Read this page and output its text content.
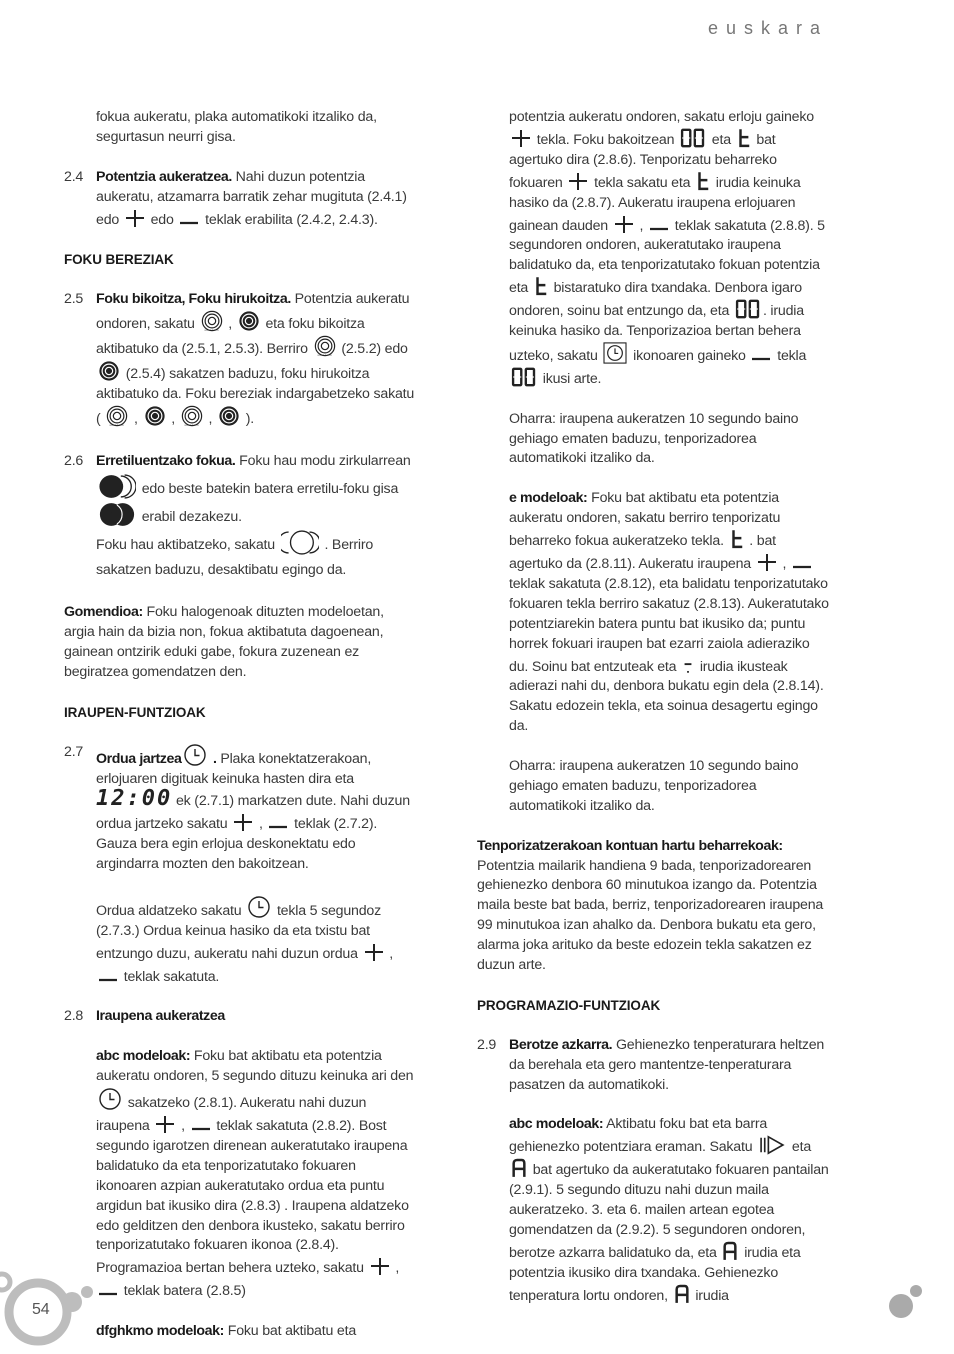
euskara

fokua aukeratu, plaka automatikoki itzaliko da, segurtasun neurri gisa.

2.4 Potentzia aukeratzea. Nahi duzun potentzia aukeratu, atzamarra barratik zehar mugituta (2.4.1) edo  edo  teklak erabilita (2.4.2, 2.4.3).

FOKU BEREZIAK

2.5 Foku bikoitza, Foku hirukoitza. Potentzia aukeratu ondoren, sakatu  ,  eta foku bikoitza aktibatuko da (2.5.1, 2.5.3). Berriro  (2.5.2) edo  (2.5.4) sakatzen baduzu, foku hirukoitza aktibatuko da. Foku bereziak indargabetzeko sakatu (  ,  ,  ,  ).
2.6 Erretiluentzako fokua. Foku hau modu zirkularrean  edo beste batekin batera erretilu-foku gisa  erabil dezakezu.
Foku hau aktibatzeko, sakatu	. Berriro sakatzen baduzu, desaktibatu egingo da.

Gomendioa: Foku halogenoak dituzten modeloetan, argia hain da bizia non, fokua aktibatuta dagoenean, gainean ontzirik eduki gabe, fokura zuzenean ez begiratzea gomendatzen den.

IRAUPEN-FUNTZIOAK

2.7 Ordua jartzea . Plaka konektatzerakoan, erlojuaren digituak keinuka hasten dira eta 12:00 ek (2.7.1) markatzen dute. Nahi duzun ordua jartzeko sakatu  ,  teklak (2.7.2). Gauza bera egin erlojua deskonektatu edo argindarra mozten den bakoitzean.
Ordua aldatzeko sakatu  tekla 5 segundoz (2.7.3.) Ordua keinua hasiko da eta txistu bat entzungo duzu, aukeratu nahi duzun ordua  ,  teklak sakatuta.
2.8 Iraupena aukeratzea
abc modeloak: Foku bat aktibatu eta potentzia aukeratu ondoren, 5 segundo dituzu keinuka ari den  sakatzeko (2.8.1). Aukeratu nahi duzun iraupena  ,  teklak sakatuta (2.8.2). Bost segundo igarotzen direnean aukeratutako iraupena balidatuko da eta tenporizatutako fokuaren ikonoaren azpian aukeratutako ordua eta puntu argidun bat ikusiko dira (2.8.3) . Iraupena aldatzeko edo gelditzen den denbora ikusteko, sakatu berriro tenporizatutako fokuaren ikonoa (2.8.4). Programazioa bertan behera uzteko, sakatu  ,  teklak batera (2.8.5)
dfghkmo modeloak: Foku bat aktibatu eta
potentzia aukeratu ondoren, sakatu erloju gaineko  tekla. Foku bakoitzean  eta  bat agertuko dira (2.8.6). Tenporizatu beharreko fokuaren  tekla sakatu eta  irudia keinuka hasiko da (2.8.7). Aukeratu iraupena erlojuaren gainean dauden  ,  teklak sakatuta (2.8.8). 5 segundoren ondoren, aukeratutako iraupena balidatuko da, eta tenporizatutako fokuan potentzia eta  bistaratuko dira txandaka. Denbora igaro ondoren, soinu bat entzungo da, eta . irudia keinuka hasiko da. Tenporizazioa bertan behera uzteko, sakatu  ikonoaren gaineko  tekla  ikusi arte.

Oharra: iraupena aukeratzen 10 segundo baino gehiago ematen baduzu, tenporizadorea automatikoki itzaliko da.

e modeloak: Foku bat aktibatu eta potentzia aukeratu ondoren, sakatu berriro tenporizatu beharreko fokua aukeratzeko tekla.  . bat agertuko da (2.8.11). Aukeratu iraupena  ,  teklak sakatuta (2.8.12), eta balidatu tenporizatutako fokuaren tekla berriro sakatuz (2.8.13). Aukeratutako potentziarekin batera puntu bat ikusiko da; puntu horrek fokuari iraupen bat ezarri zaiola adieraziko du. Soinu bat entzuteak eta  irudia ikusteak adierazi nahi du, denbora bukatu egin dela (2.8.14). Sakatu edozein tekla, eta soinua desagertu egingo da.

Oharra: iraupena aukeratzen 10 segundo baino gehiago ematen baduzu, tenporizadorea automatikoki itzaliko da.

Tenporizatzerakoan kontuan hartu beharrekoak: Potentzia mailarik handiena 9 bada, tenporizadorearen gehienezko denbora 60 minutukoa izango da. Potentzia maila beste bat bada, berriz, tenporizadorearen iraupena 99 minutukoa izan ahalko da. Denbora bukatu eta gero, alarma joka arituko da beste edozein tekla sakatzen ez duzun arte.

PROGRAMAZIO-FUNTZIOAK

2.9 Berotze azkarra. Gehienezko tenperaturara heltzen da berehala eta gero mantentze-tenperaturara pasatzen da automatikoki.
abc modeloak: Aktibatu foku bat eta barra gehienezko potentziara eraman. Sakatu  eta  bat agertuko da aukeratutako fokuaren pantailan (2.9.1). 5 segundo dituzu nahi duzun maila aukeratzeko. 3. eta 6. mailen artean egotea gomendatzen da (2.9.2). 5 segundoren ondoren, berotze azkarra balidatuko da, eta  irudia eta potentzia ikusiko dira txandaka. Gehienezko tenperatura lortu ondoren,  irudia
54
